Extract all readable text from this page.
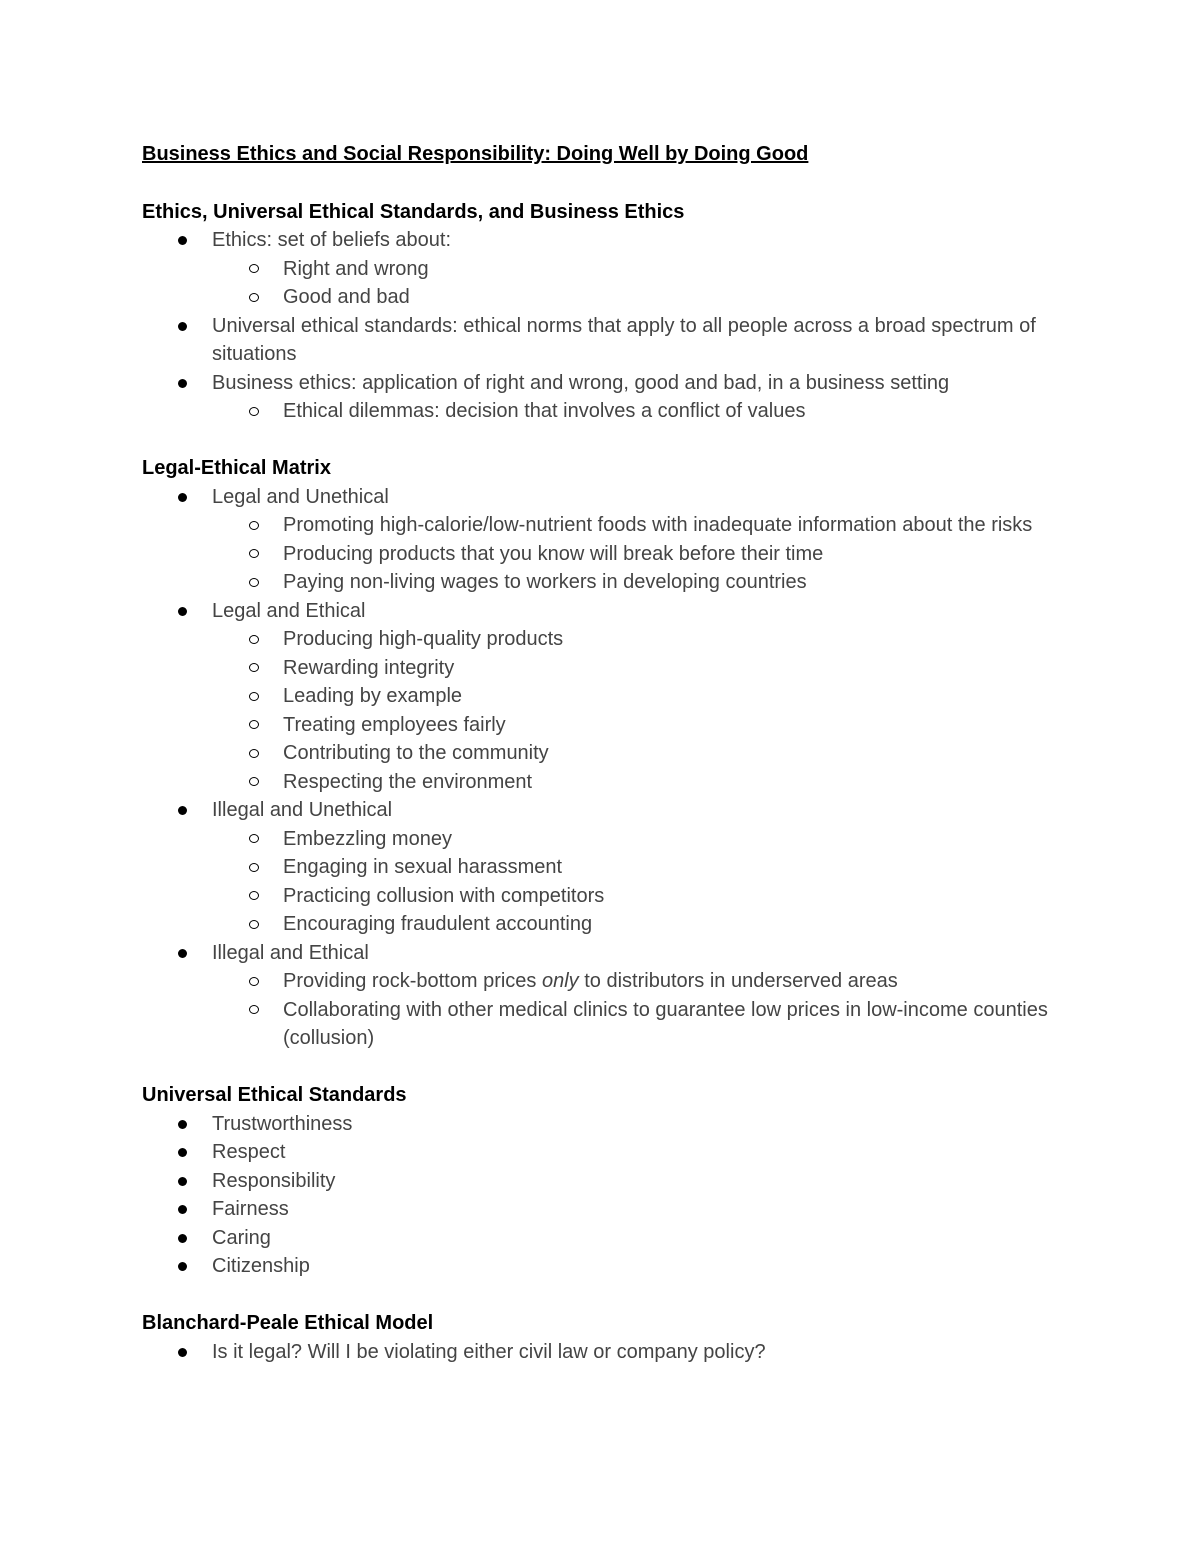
Business Ethics and Social Responsibility: Doing Well by Doing Good

Ethics, Universal Ethical Standards, and Business Ethics

Ethics: set of beliefs about:
Right and wrong
Good and bad
Universal ethical standards: ethical norms that apply to all people across a broad spectrum of situations
Business ethics: application of right and wrong, good and bad, in a business setting
Ethical dilemmas: decision that involves a conflict of values

Legal-Ethical Matrix

Legal and Unethical
Promoting high-calorie/low-nutrient foods with inadequate information about the risks
Producing products that you know will break before their time
Paying non-living wages to workers in developing countries
Legal and Ethical
Producing high-quality products
Rewarding integrity
Leading by example
Treating employees fairly
Contributing to the community
Respecting the environment
Illegal and Unethical
Embezzling money
Engaging in sexual harassment
Practicing collusion with competitors
Encouraging fraudulent accounting
Illegal and Ethical
Providing rock-bottom prices only to distributors in underserved areas
Collaborating with other medical clinics to guarantee low prices in low-income counties (collusion)

Universal Ethical Standards

Trustworthiness
Respect
Responsibility
Fairness
Caring
Citizenship

Blanchard-Peale Ethical Model

Is it legal? Will I be violating either civil law or company policy?
